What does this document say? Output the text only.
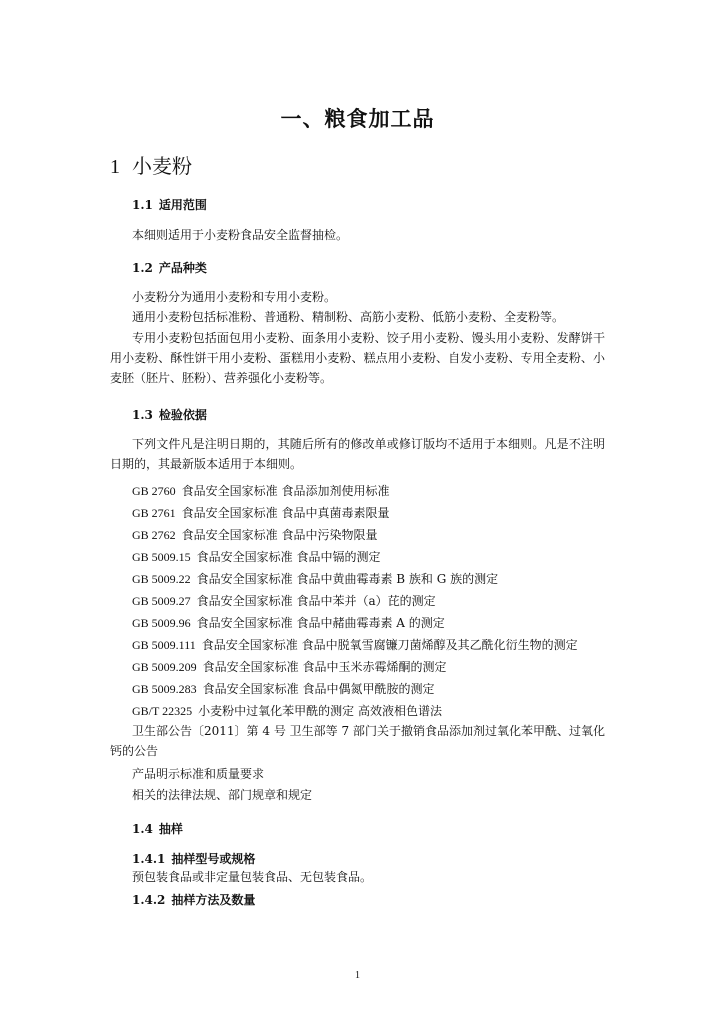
一、粮食加工品
1 小麦粉
1.1 适用范围
本细则适用于小麦粉食品安全监督抽检。
1.2 产品种类
小麦粉分为通用小麦粉和专用小麦粉。
通用小麦粉包括标准粉、普通粉、精制粉、高筋小麦粉、低筋小麦粉、全麦粉等。
专用小麦粉包括面包用小麦粉、面条用小麦粉、饺子用小麦粉、馒头用小麦粉、发酵饼干用小麦粉、酥性饼干用小麦粉、蛋糕用小麦粉、糕点用小麦粉、自发小麦粉、专用全麦粉、小麦胚（胚片、胚粉）、营养强化小麦粉等。
1.3 检验依据
下列文件凡是注明日期的，其随后所有的修改单或修订版均不适用于本细则。凡是不注明日期的，其最新版本适用于本细则。
GB 2760 食品安全国家标准 食品添加剂使用标准
GB 2761 食品安全国家标准 食品中真菌毒素限量
GB 2762 食品安全国家标准 食品中污染物限量
GB 5009.15 食品安全国家标准 食品中镉的测定
GB 5009.22 食品安全国家标准 食品中黄曲霉毒素 B 族和 G 族的测定
GB 5009.27 食品安全国家标准 食品中苯并（a）芘的测定
GB 5009.96 食品安全国家标准 食品中赭曲霉毒素 A 的测定
GB 5009.111 食品安全国家标准 食品中脱氧雪腐镰刀菌烯醇及其乙酰化衍生物的测定
GB 5009.209 食品安全国家标准 食品中玉米赤霉烯酮的测定
GB 5009.283 食品安全国家标准 食品中偶氮甲酰胺的测定
GB/T 22325 小麦粉中过氧化苯甲酰的测定 高效液相色谱法
卫生部公告〔2011〕第 4 号 卫生部等 7 部门关于撤销食品添加剂过氧化苯甲酰、过氧化钙的公告
产品明示标准和质量要求
相关的法律法规、部门规章和规定
1.4 抽样
1.4.1 抽样型号或规格
预包装食品或非定量包装食品、无包装食品。
1.4.2 抽样方法及数量
1
